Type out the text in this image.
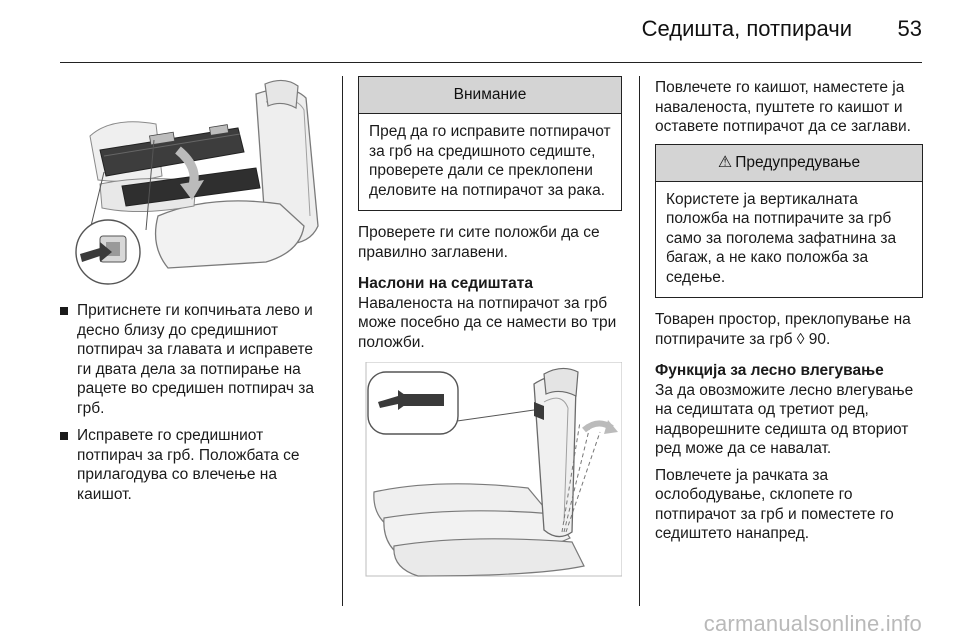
Седишта, потпирачи 53
Притиснете ги копчињата лево и десно близу до средишниот потпирач за главата и исправете ги двата дела за потпирање на рацете во средишен потпирач за грб.
Исправете го средишниот потпирач за грб. Положбата се прилагодува со влечење на каишот.
Внимание
Пред да го исправите потпирачот за грб на средишното седиште, проверете дали се преклопени деловите на потпирачот за рака.

Проверете ги сите положби да се правилно заглавени.

Наслони на седиштата

Наваленоста на потпирачот за грб може посебно да се намести во три положби.

Повлечете го каишот, наместете ја наваленоста, пуштете го каишот и оставете потпирачот да се заглави.

⚠ Предупредување
Користете ја вертикалната положба на потпирачите за грб само за поголема зафатнина за багаж, а не како положба за седење.

Товарен простор, преклопување на потпирачите за грб ◊ 90.

Функција за лесно влегување

За да овозможите лесно влегување на седиштата од третиот ред, надворешните седишта од вториот ред може да се навалат.

Повлечете ја рачката за ослободување, склопете го потпирачот за грб и поместете го седиштето нанапред.

carmanualsonline.info
